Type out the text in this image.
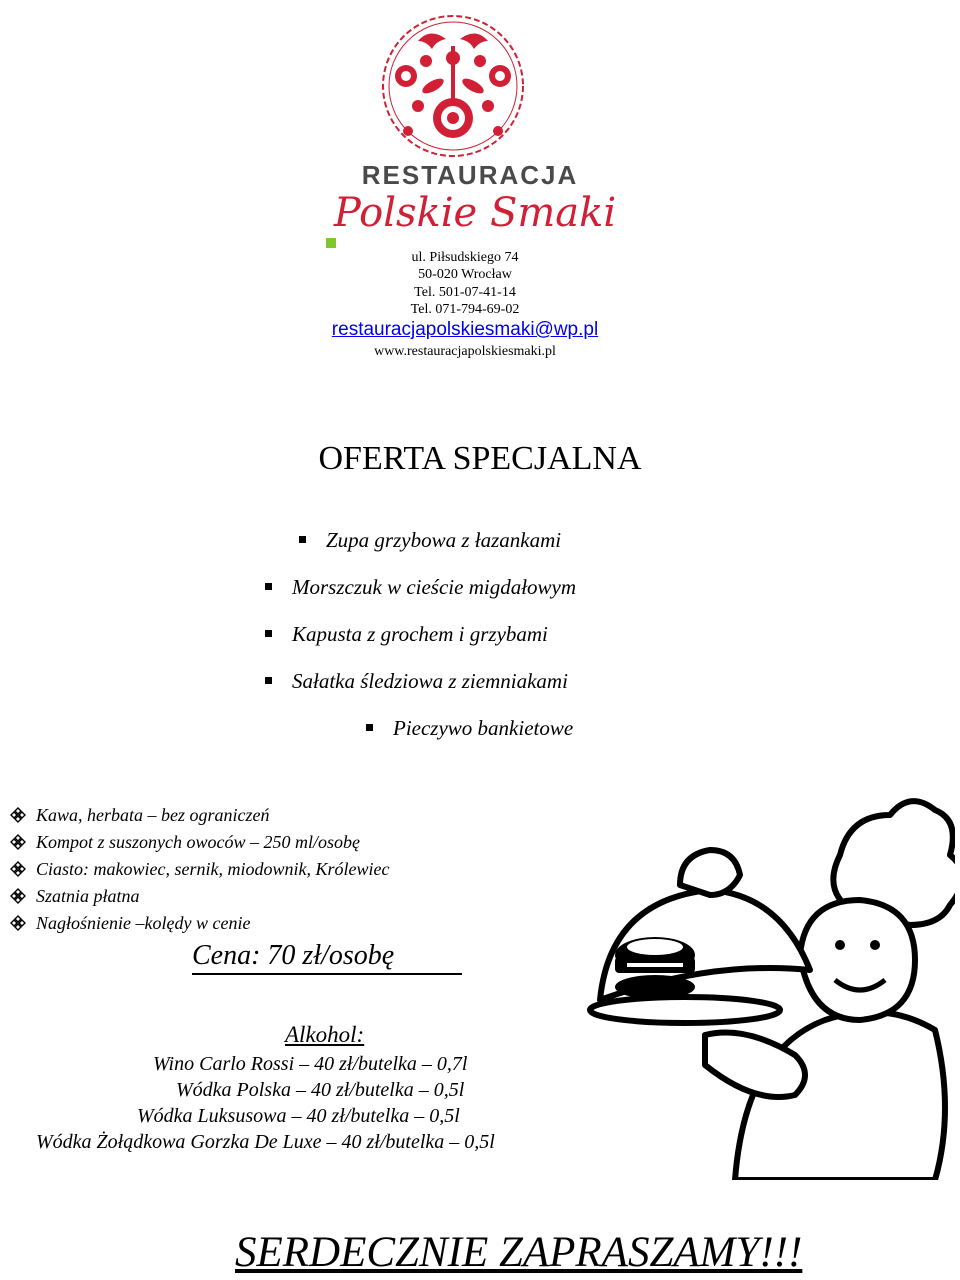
RESTAURACJA
Polskie Smaki
ul. Piłsudskiego 74
50-020 Wrocław
Tel. 501-07-41-14
Tel. 071-794-69-02
restauracjapolskiesmaki@wp.pl
www.restauracjapolskiesmaki.pl
OFERTA SPECJALNA
Zupa grzybowa z łazankami
Morszczuk w cieście migdałowym
Kapusta z grochem i grzybami
Sałatka śledziowa z ziemniakami
Pieczywo bankietowe
Kawa, herbata – bez ograniczeń
Kompot z suszonych owoców – 250 ml/osobę
Ciasto: makowiec, sernik, miodownik, Królewiec
Szatnia płatna
Nagłośnienie –kolędy w cenie
Cena: 70 zł/osobę
Alkohol:
Wino Carlo Rossi – 40 zł/butelka – 0,7l
Wódka Polska – 40 zł/butelka – 0,5l
Wódka Luksusowa – 40 zł/butelka – 0,5l
Wódka Żołądkowa Gorzka De Luxe – 40 zł/butelka – 0,5l
SERDECZNIE ZAPRASZAMY!!!
